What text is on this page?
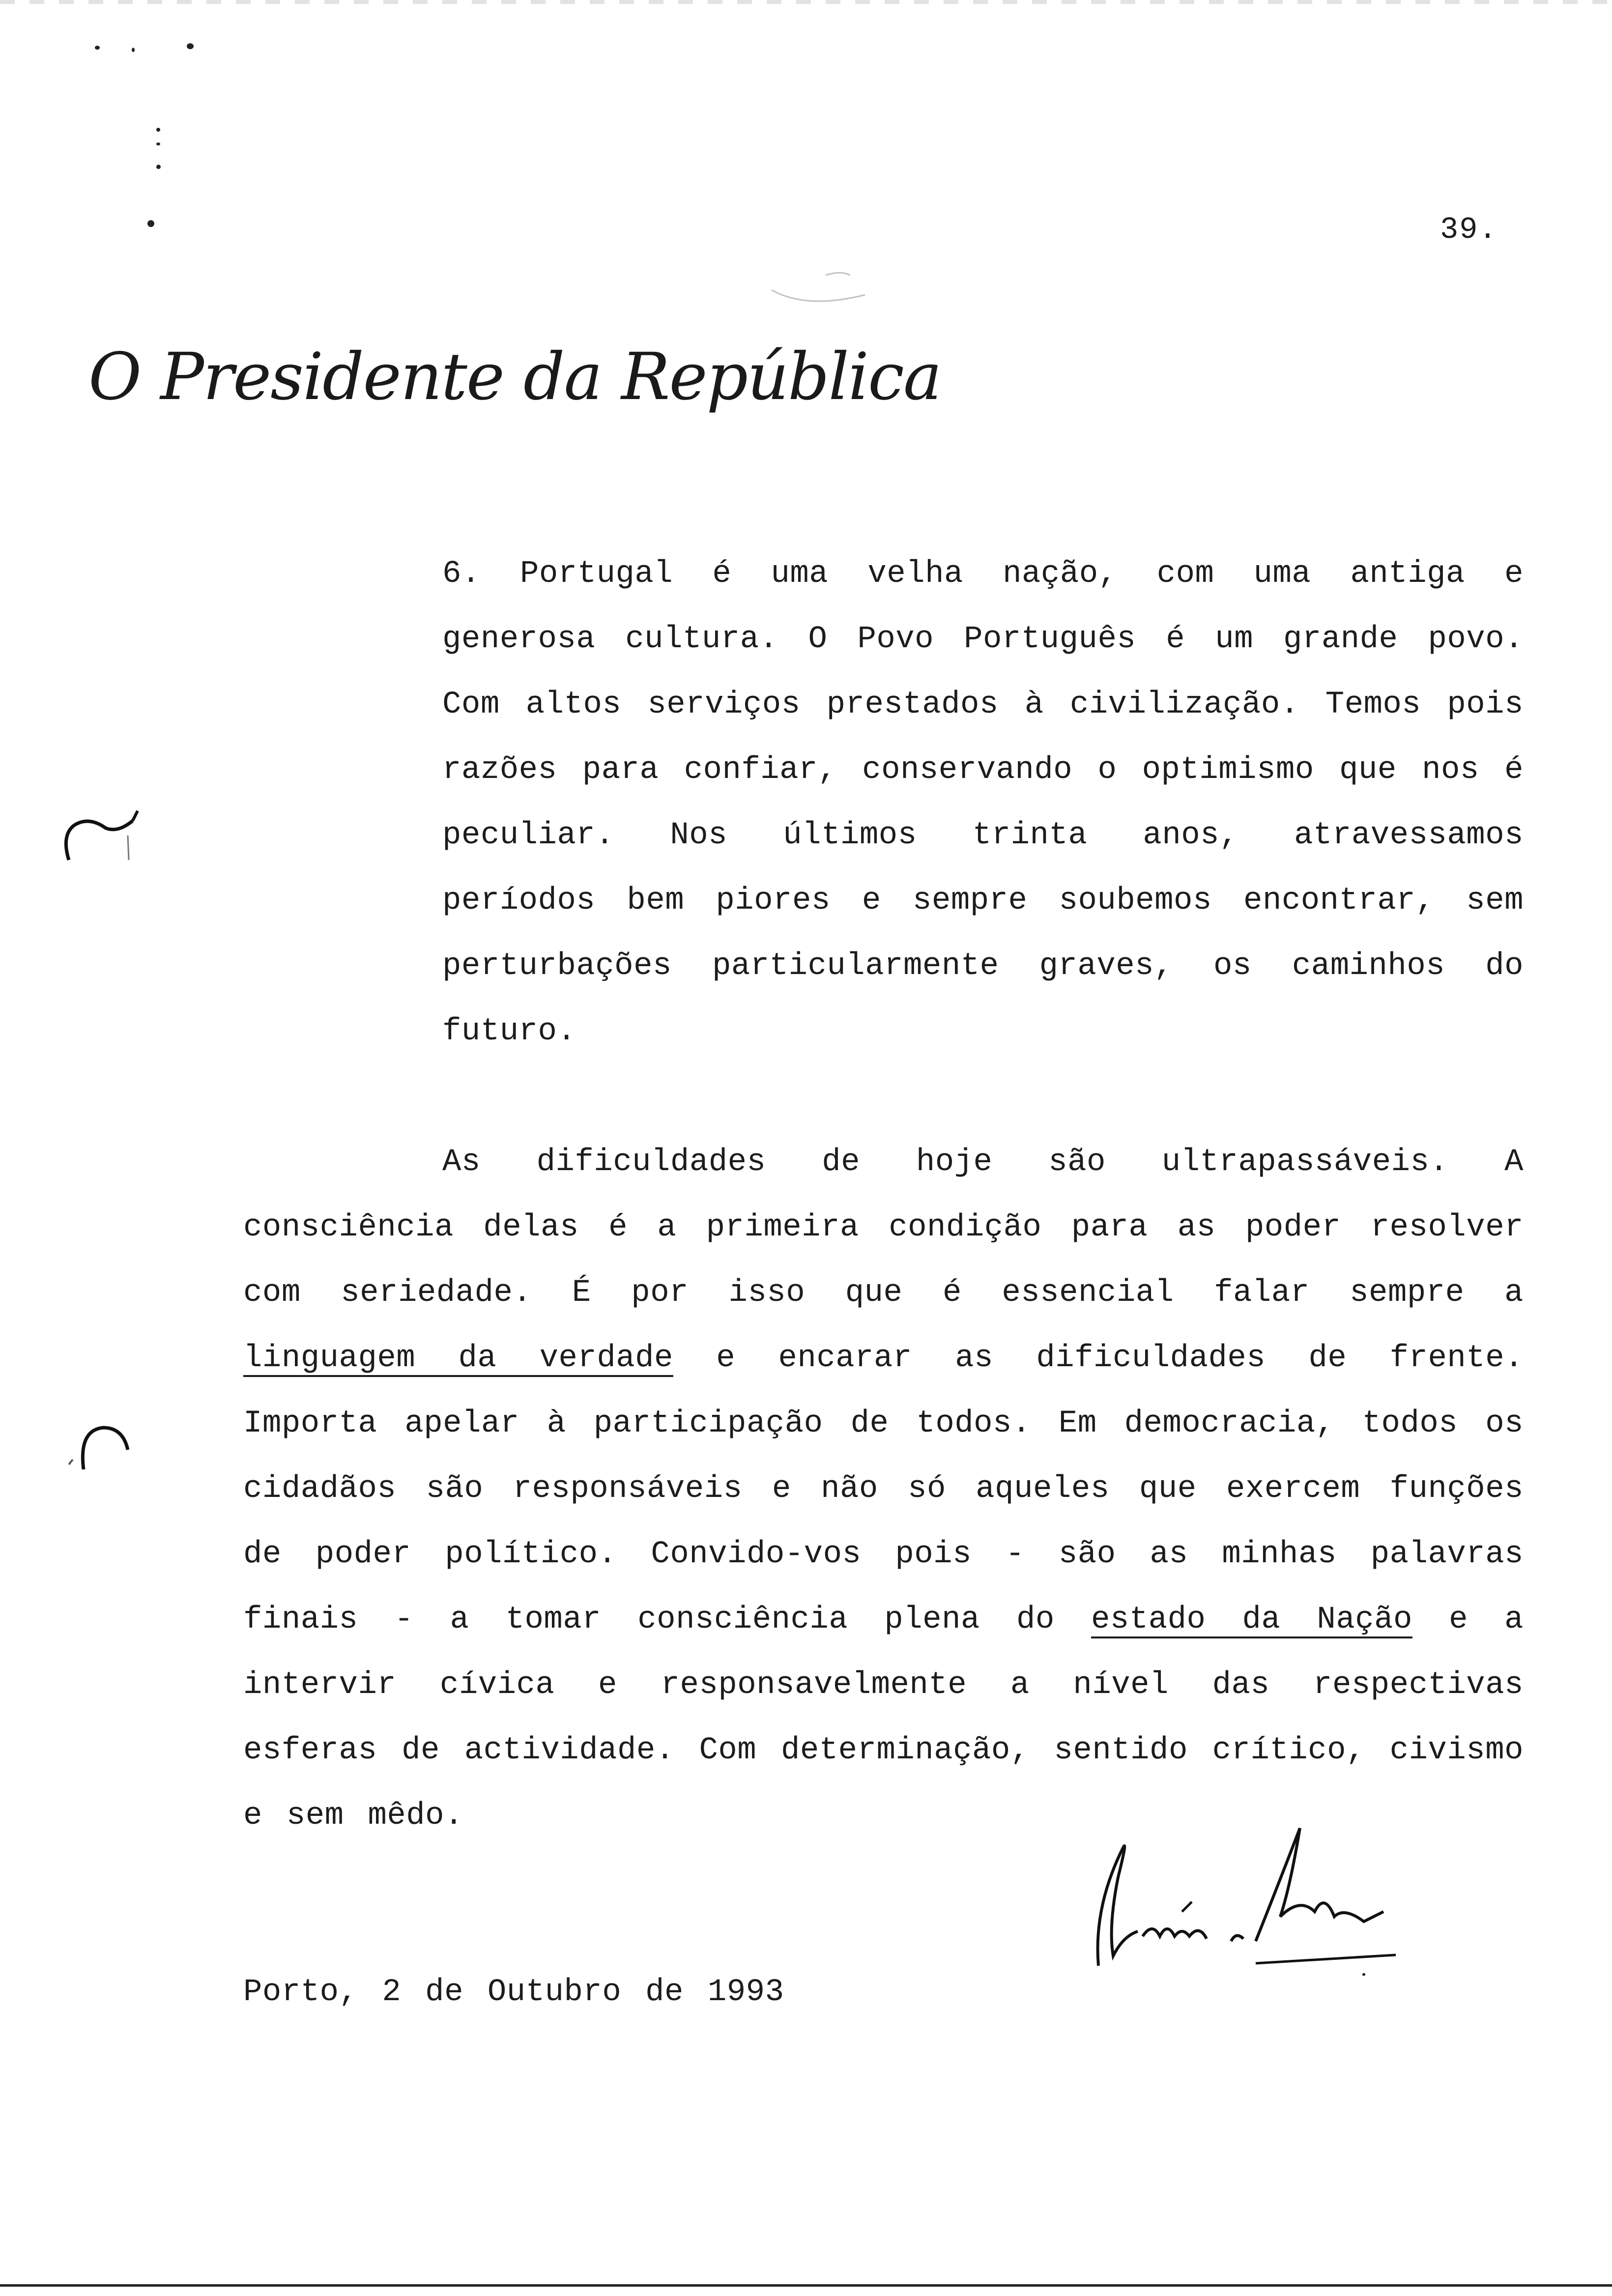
39.
O Presidente da República
6. Portugal é uma velha nação, com uma antiga e generosa cultura. O Povo Português é um grande povo. Com altos serviços prestados à civilização. Temos pois razões para confiar, conservando o optimismo que nos é peculiar. Nos últimos trinta anos, atravessamos períodos bem piores e sempre soubemos encontrar, sem perturbações particularmente graves, os caminhos do futuro.
As dificuldades de hoje são ultrapassáveis. A consciência delas é a primeira condição para as poder resolver com seriedade. É por isso que é essencial falar sempre a linguagem da verdade e encarar as dificuldades de frente. Importa apelar à participação de todos. Em democracia, todos os cidadãos são responsáveis e não só aqueles que exercem funções de poder político. Convido-vos pois - são as minhas palavras finais - a tomar consciência plena do estado da Nação e a intervir cívica e responsavelmente a nível das respectivas esferas de actividade. Com determinação, sentido crítico, civismo e sem mêdo.
Porto, 2 de Outubro de 1993
